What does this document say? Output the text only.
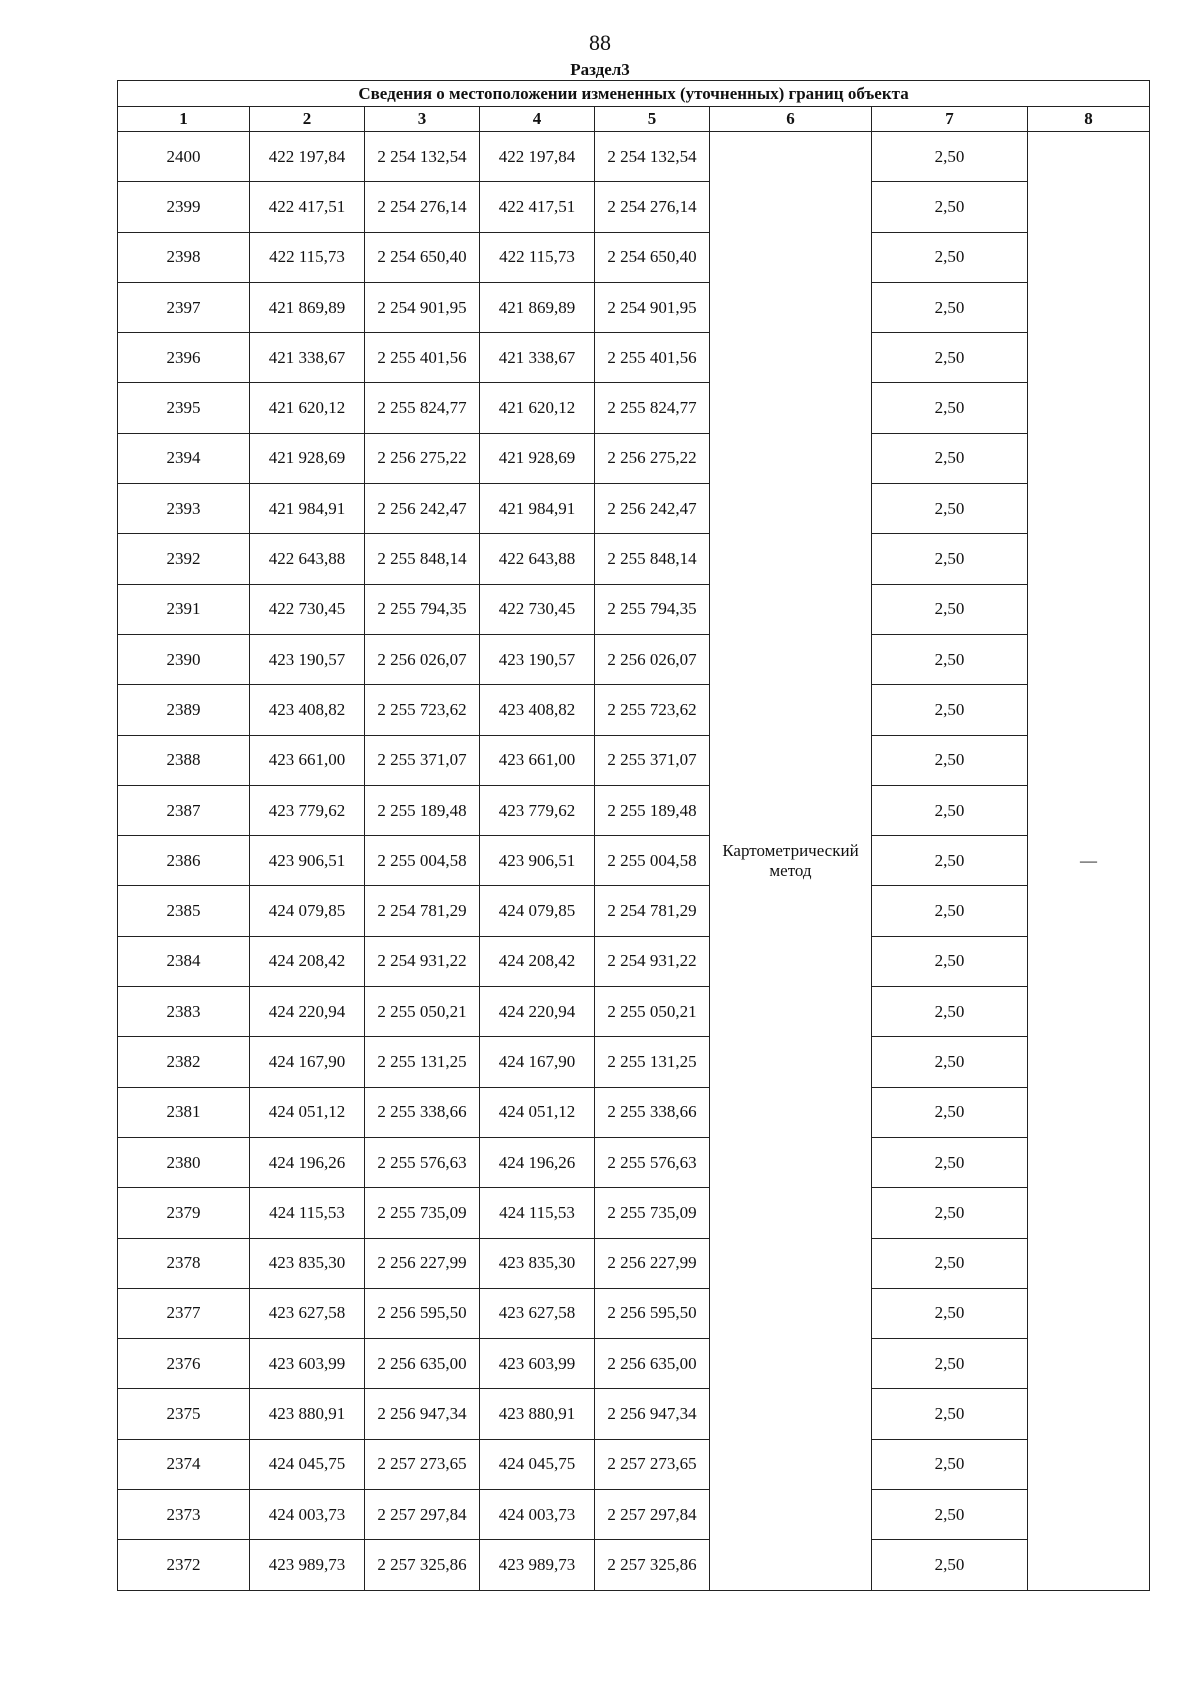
88
Раздел3
Сведения о местоположении измененных (уточненных) границ объекта							
1	2	3	4	5	6	7	8
2400	422 197,84	2 254 132,54	422 197,84	2 254 132,54	Картометрический метод	2,50	—
2399	422 417,51	2 254 276,14	422 417,51	2 254 276,14		2,50	
2398	422 115,73	2 254 650,40	422 115,73	2 254 650,40		2,50	
2397	421 869,89	2 254 901,95	421 869,89	2 254 901,95		2,50	
2396	421 338,67	2 255 401,56	421 338,67	2 255 401,56		2,50	
2395	421 620,12	2 255 824,77	421 620,12	2 255 824,77		2,50	
2394	421 928,69	2 256 275,22	421 928,69	2 256 275,22		2,50	
2393	421 984,91	2 256 242,47	421 984,91	2 256 242,47		2,50	
2392	422 643,88	2 255 848,14	422 643,88	2 255 848,14		2,50	
2391	422 730,45	2 255 794,35	422 730,45	2 255 794,35		2,50	
2390	423 190,57	2 256 026,07	423 190,57	2 256 026,07		2,50	
2389	423 408,82	2 255 723,62	423 408,82	2 255 723,62		2,50	
2388	423 661,00	2 255 371,07	423 661,00	2 255 371,07		2,50	
2387	423 779,62	2 255 189,48	423 779,62	2 255 189,48		2,50	
2386	423 906,51	2 255 004,58	423 906,51	2 255 004,58		2,50	
2385	424 079,85	2 254 781,29	424 079,85	2 254 781,29		2,50	
2384	424 208,42	2 254 931,22	424 208,42	2 254 931,22		2,50	
2383	424 220,94	2 255 050,21	424 220,94	2 255 050,21		2,50	
2382	424 167,90	2 255 131,25	424 167,90	2 255 131,25		2,50	
2381	424 051,12	2 255 338,66	424 051,12	2 255 338,66		2,50	
2380	424 196,26	2 255 576,63	424 196,26	2 255 576,63		2,50	
2379	424 115,53	2 255 735,09	424 115,53	2 255 735,09		2,50	
2378	423 835,30	2 256 227,99	423 835,30	2 256 227,99		2,50	
2377	423 627,58	2 256 595,50	423 627,58	2 256 595,50		2,50	
2376	423 603,99	2 256 635,00	423 603,99	2 256 635,00		2,50	
2375	423 880,91	2 256 947,34	423 880,91	2 256 947,34		2,50	
2374	424 045,75	2 257 273,65	424 045,75	2 257 273,65		2,50	
2373	424 003,73	2 257 297,84	424 003,73	2 257 297,84		2,50	
2372	423 989,73	2 257 325,86	423 989,73	2 257 325,86		2,50	
